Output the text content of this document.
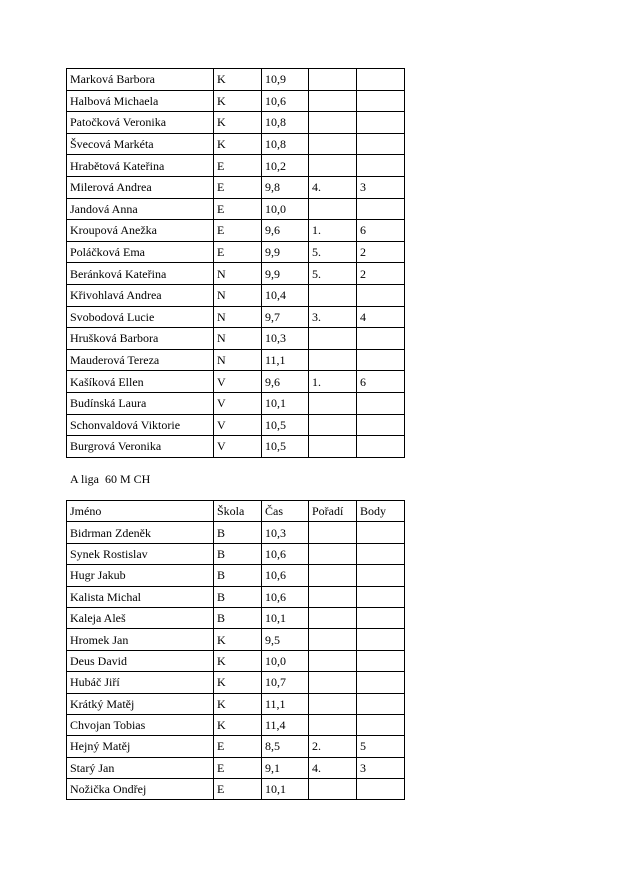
Marková Barbora	K	10,9		
Halbová Michaela	K	10,6		
Patočková Veronika	K	10,8		
Švecová Markéta	K	10,8		
Hrabětová Kateřina	E	10,2		
Milerová Andrea	E	9,8	4.	3
Jandová Anna	E	10,0		
Kroupová Anežka	E	9,6	1.	6
Poláčková Ema	E	9,9	5.	2
Beránková Kateřina	N	9,9	5.	2
Křivohlavá Andrea	N	10,4		
Svobodová Lucie	N	9,7	3.	4
Hrušková Barbora	N	10,3		
Mauderová Tereza	N	11,1		
Kašíková Ellen	V	9,6	1.	6
Budínská Laura	V	10,1		
Schonvaldová Viktorie	V	10,5		
Burgrová Veronika	V	10,5		
A liga  60 M CH
Jméno	Škola	Čas	Pořadí	Body
Bidrman Zdeněk	B	10,3		
Synek Rostislav	B	10,6		
Hugr Jakub	B	10,6		
Kalista Michal	B	10,6		
Kaleja Aleš	B	10,1		
Hromek Jan	K	9,5		
Deus David	K	10,0		
Hubáč Jiří	K	10,7		
Krátký Matěj	K	11,1		
Chvojan Tobias	K	11,4		
Hejný Matěj	E	8,5	2.	5
Starý Jan	E	9,1	4.	3
Nožička Ondřej	E	10,1		
